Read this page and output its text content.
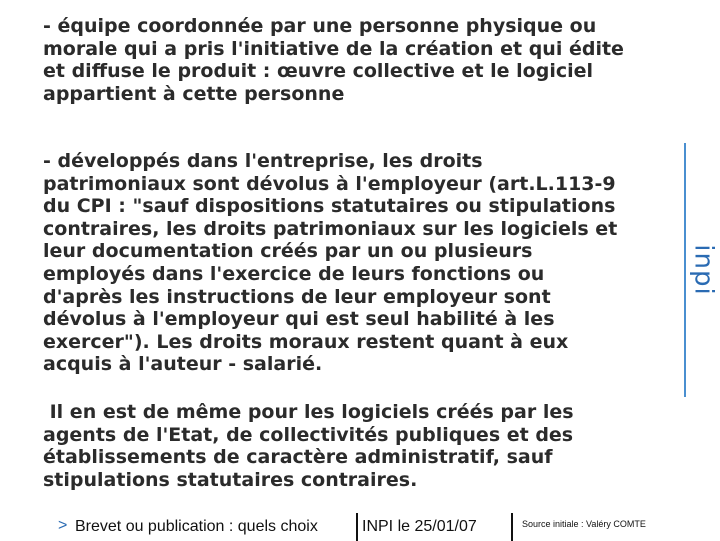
- équipe coordonnée par une personne physique ou
morale qui a pris l'initiative de la création et qui édite
et diffuse le produit : œuvre collective et le logiciel
appartient à cette personne
- développés dans l'entreprise, les droits
patrimoniaux sont dévolus à l'employeur (art.L.113-9
du CPI : "sauf dispositions statutaires ou stipulations
contraires, les droits patrimoniaux sur les logiciels et
leur documentation créés par un ou plusieurs
employés dans l'exercice de leurs fonctions ou
d'après les instructions de leur employeur sont
dévolus à l'employeur qui est seul habilité à les
exercer"). Les droits moraux restent quant à eux
acquis à l'auteur - salarié.
Il en est de même pour les logiciels créés par les
agents de l'Etat, de collectivités publiques et des
établissements de caractère administratif, sauf
stipulations statutaires contraires.
inpi
> Brevet ou publication : quels choix	INPI le 25/01/07	Source initiale : Valéry COMTE
